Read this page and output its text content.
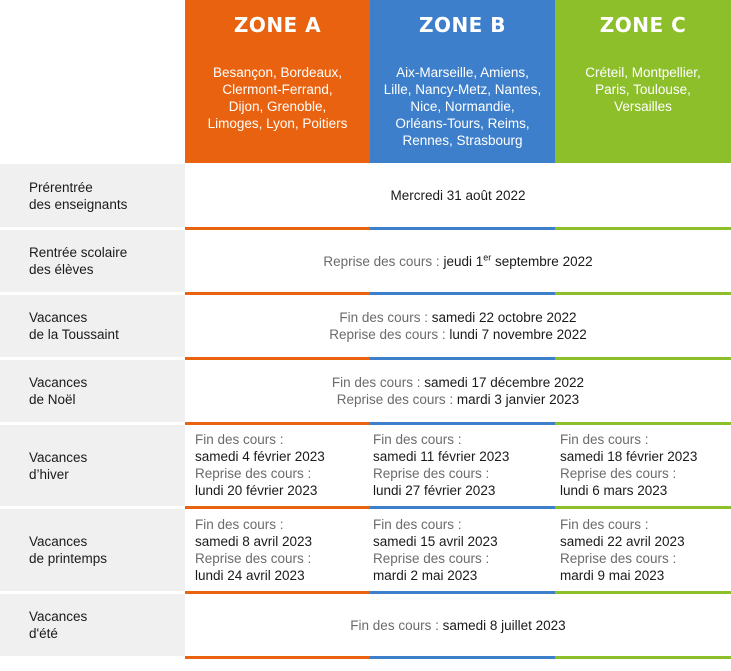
ZONE A	ZONE B	ZONE C
Besançon, Bordeaux,
Clermont-Ferrand,
Dijon, Grenoble,
Limoges, Lyon, Poitiers
Aix-Marseille, Amiens,
Lille, Nancy-Metz, Nantes,
Nice, Normandie,
Orléans-Tours, Reims,
Rennes, Strasbourg
Créteil, Montpellier,
Paris, Toulouse,
Versailles
Prérentrée
des enseignants
Mercredi 31 août 2022
Rentrée scolaire
des élèves
Reprise des cours : jeudi 1er septembre 2022
Vacances
de la Toussaint
Fin des cours : samedi 22 octobre 2022
Reprise des cours : lundi 7 novembre 2022
Vacances
de Noël
Fin des cours : samedi 17 décembre 2022
Reprise des cours : mardi 3 janvier 2023
Vacances
d’hiver
Fin des cours :
samedi 4 février 2023
Reprise des cours :
lundi 20 février 2023
Fin des cours :
samedi 11 février 2023
Reprise des cours :
lundi 27 février 2023
Fin des cours :
samedi 18 février 2023
Reprise des cours :
lundi 6 mars 2023
Vacances
de printemps
Fin des cours :
samedi 8 avril 2023
Reprise des cours :
lundi 24 avril 2023
Fin des cours :
samedi 15 avril 2023
Reprise des cours :
mardi 2 mai 2023
Fin des cours :
samedi 22 avril 2023
Reprise des cours :
mardi 9 mai 2023
Vacances
d'été
Fin des cours : samedi 8 juillet 2023
